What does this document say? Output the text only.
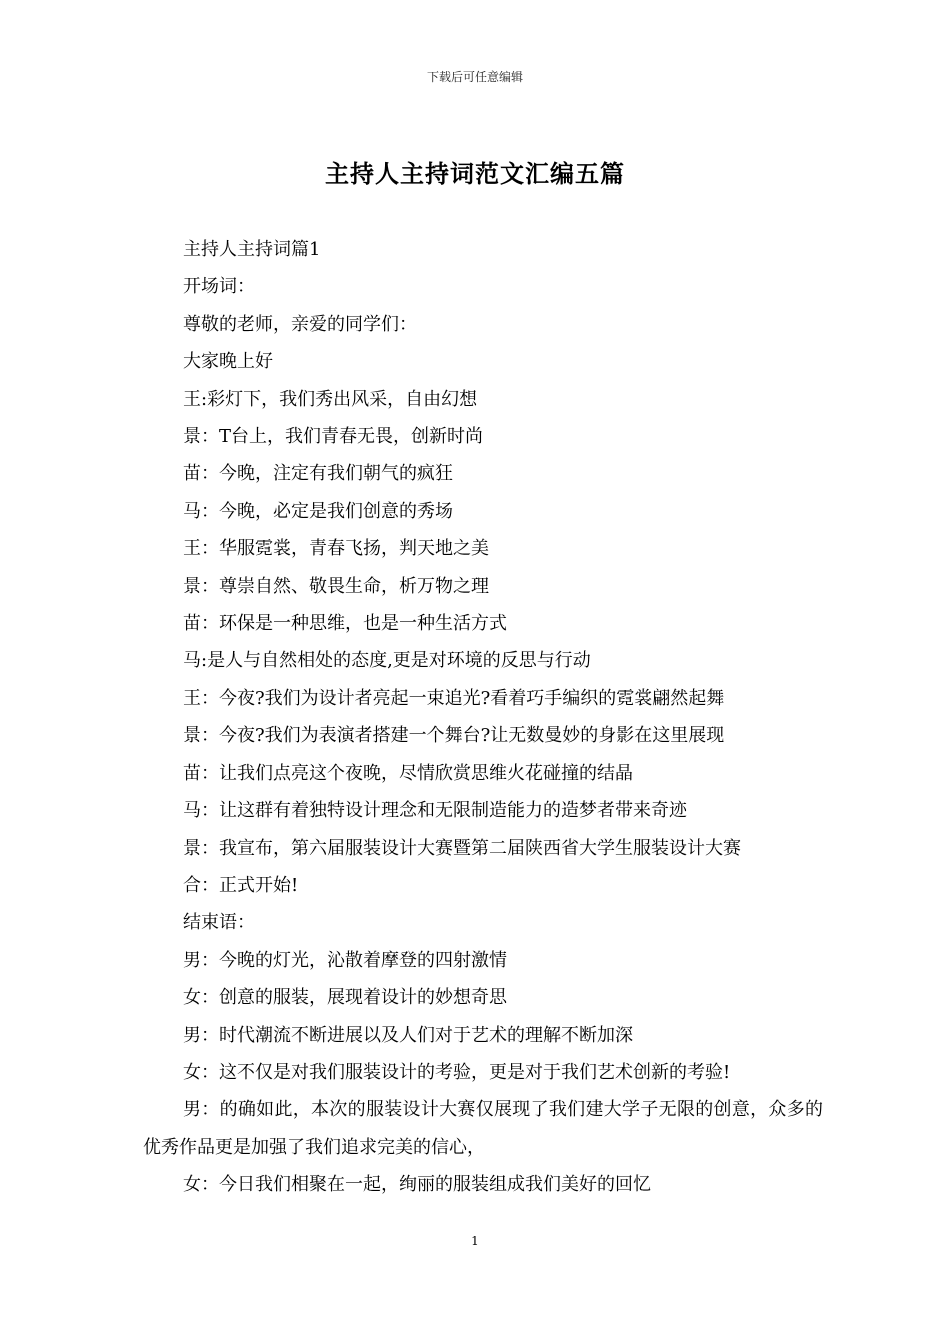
下载后可任意编辑
主持人主持词范文汇编五篇

主持人主持词篇1

开场词：

尊敬的老师，亲爱的同学们：

大家晚上好

王:彩灯下，我们秀出风采，自由幻想

景：T台上，我们青春无畏，创新时尚

苗：今晚，注定有我们朝气的疯狂

马：今晚，必定是我们创意的秀场

王：华服霓裳，青春飞扬，判天地之美

景：尊崇自然、敬畏生命，析万物之理

苗：环保是一种思维，也是一种生活方式

马:是人与自然相处的态度,更是对环境的反思与行动

王：今夜?我们为设计者亮起一束追光?看着巧手编织的霓裳翩然起舞

景：今夜?我们为表演者搭建一个舞台?让无数曼妙的身影在这里展现

苗：让我们点亮这个夜晚，尽情欣赏思维火花碰撞的结晶

马：让这群有着独特设计理念和无限制造能力的造梦者带来奇迹

景：我宣布，第六届服装设计大赛暨第二届陕西省大学生服装设计大赛

合：正式开始!

结束语：

男：今晚的灯光，沁散着摩登的四射激情

女：创意的服装，展现着设计的妙想奇思

男：时代潮流不断进展以及人们对于艺术的理解不断加深

女：这不仅是对我们服装设计的考验，更是对于我们艺术创新的考验!

男：的确如此，本次的服装设计大赛仅展现了我们建大学子无限的创意，众多的优秀作品更是加强了我们追求完美的信心，

女：今日我们相聚在一起，绚丽的服装组成我们美好的回忆

1
